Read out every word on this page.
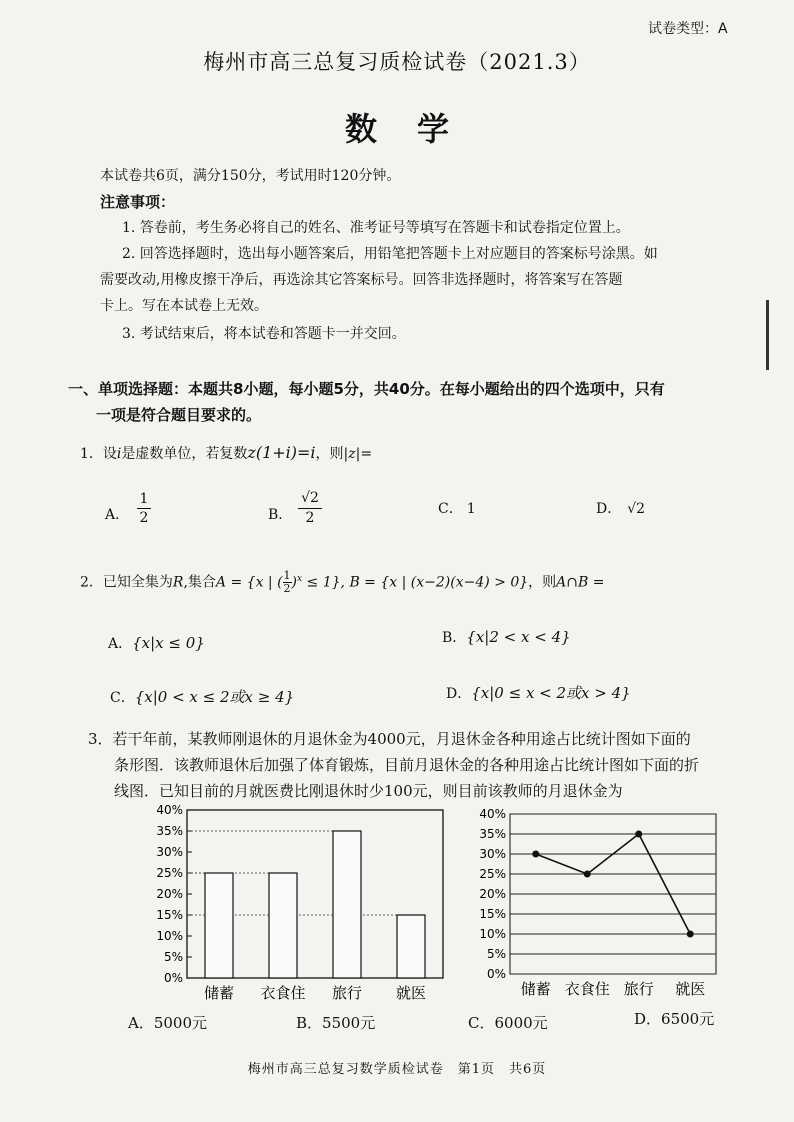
试卷类型：A
梅州市高三总复习质检试卷（2021.3）
数学
本试卷共6页，满分150分，考试用时120分钟。
注意事项：
1. 答卷前，考生务必将自己的姓名、准考证号等填写在答题卡和试卷指定位置上。
2. 回答选择题时，选出每小题答案后，用铅笔把答题卡上对应题目的答案标号涂黑。如
需要改动,用橡皮擦干净后，再选涂其它答案标号。回答非选择题时，将答案写在答题
卡上。写在本试卷上无效。
3. 考试结束后，将本试卷和答题卡一并交回。
一、单项选择题：本题共8小题，每小题5分，共40分。在每小题给出的四个选项中，只有
一项是符合题目要求的。
1．设i是虚数单位，若复数z(1+i)=i，则|z|=
A． $\frac{1}{2}$	B． $\frac{√2}{2}$	C． 1	D． √2
2．已知全集为R,集合A = {x | ( $\frac{1}{2} )^x \le 1$}, B = {x | (x−2)(x−4) > 0}，则A∩B =
A．{x|x ≤ 0}	B．{x|2 < x < 4}
C．{x|0 < x ≤ 2或x ≥ 4}	D．{x|0 ≤ x < 2或x > 4}
3．若干年前，某教师刚退休的月退休金为4000元，月退休金各种用途占比统计图如下面的
条形图．该教师退休后加强了体育锻炼，目前月退休金的各种用途占比统计图如下面的折
线图．已知目前的月就医费比刚退休时少100元，则目前该教师的月退休金为
0%
5%
10%
15%
20%
25%
30%
35%
40%
储蓄 衣食住 旅行 就医
0%
5%
10%
15%
20%
25%
30%
35%
40%
储蓄 衣食住 旅行 就医
A．5000元	B．5500元	C．6000元	D．6500元
梅州市高三总复习数学质检试卷　第1页　共6页
